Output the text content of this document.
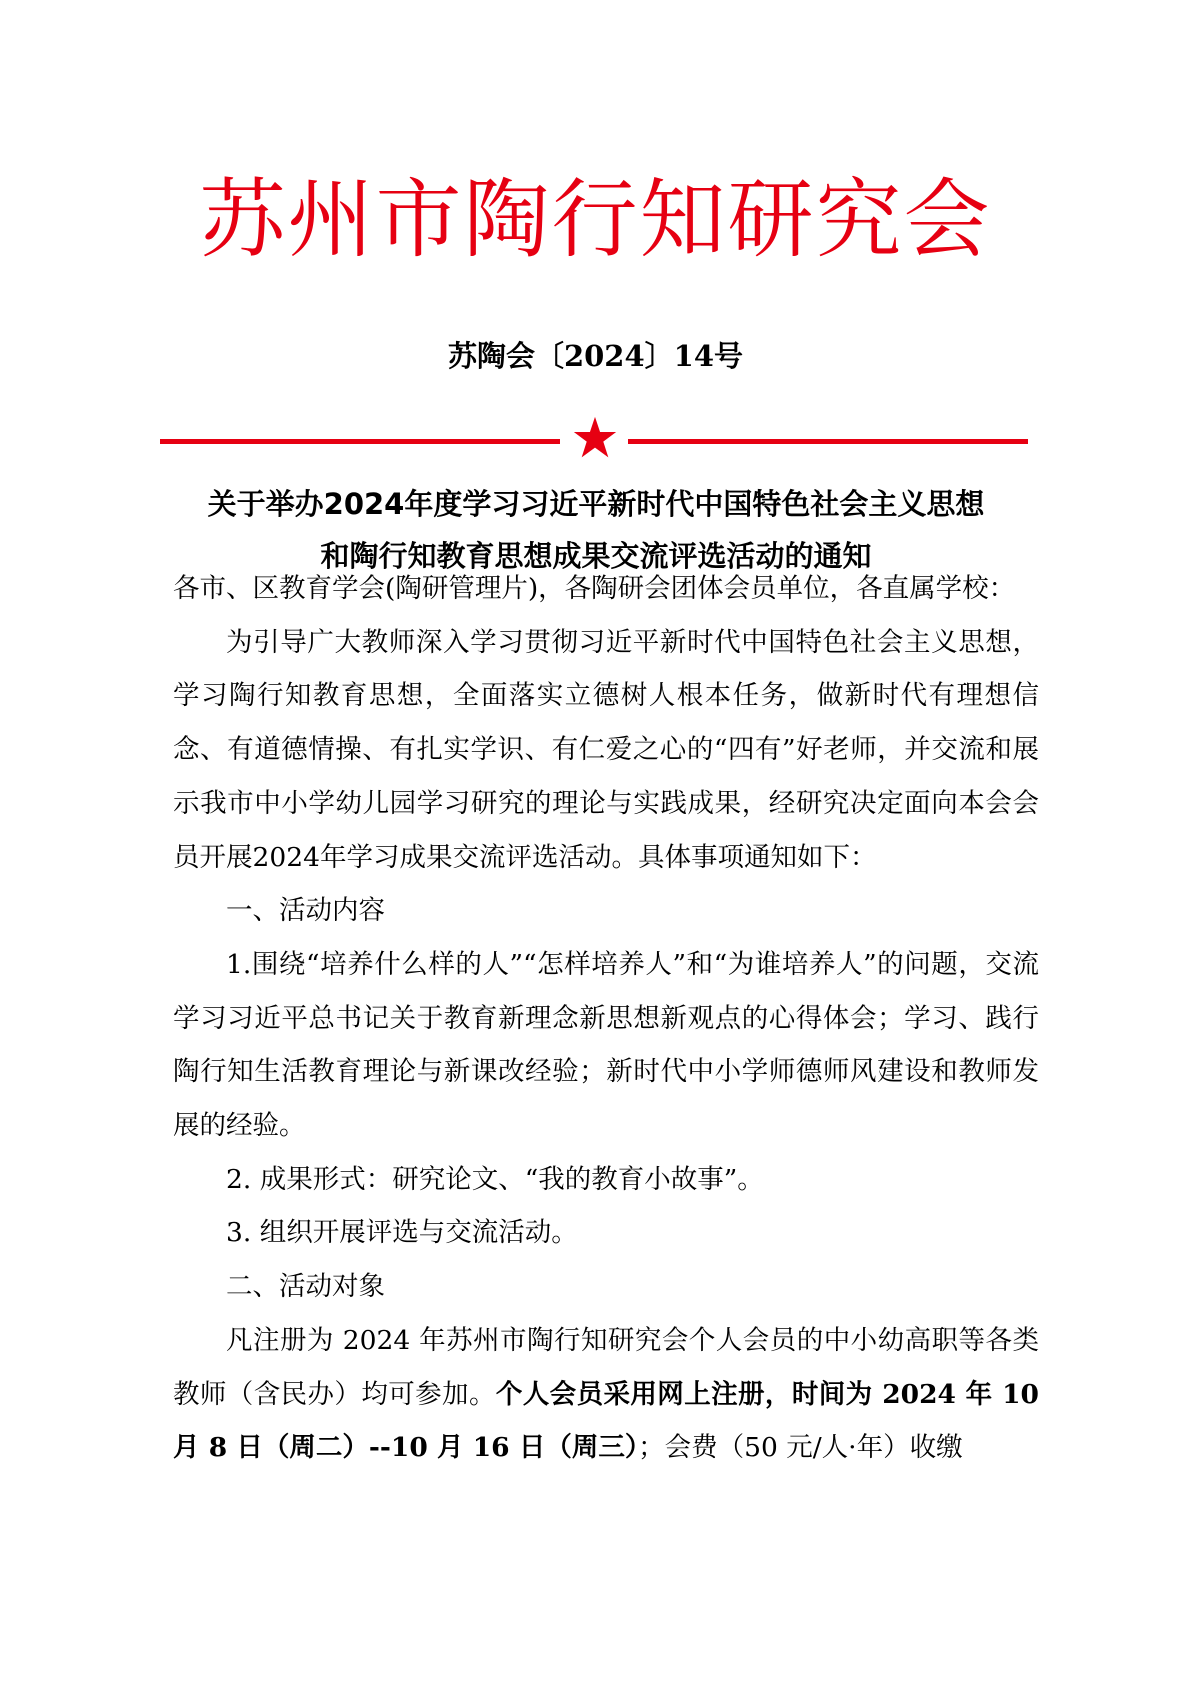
苏州市陶行知研究会
苏陶会〔2024〕14号
关于举办2024年度学习习近平新时代中国特色社会主义思想
和陶行知教育思想成果交流评选活动的通知

各市、区教育学会(陶研管理片)，各陶研会团体会员单位，各直属学校：

为引导广大教师深入学习贯彻习近平新时代中国特色社会主义思想，学习陶行知教育思想，全面落实立德树人根本任务，做新时代有理想信念、有道德情操、有扎实学识、有仁爱之心的“四有”好老师，并交流和展示我市中小学幼儿园学习研究的理论与实践成果，经研究决定面向本会会员开展2024年学习成果交流评选活动。具体事项通知如下：

一、活动内容

1.围绕“培养什么样的人”“怎样培养人”和“为谁培养人”的问题，交流学习习近平总书记关于教育新理念新思想新观点的心得体会；学习、践行陶行知生活教育理论与新课改经验；新时代中小学师德师风建设和教师发展的经验。

2. 成果形式：研究论文、“我的教育小故事”。

3. 组织开展评选与交流活动。

二、活动对象

凡注册为 2024 年苏州市陶行知研究会个人会员的中小幼高职等各类教师（含民办）均可参加。个人会员采用网上注册，时间为 2024 年 10 月 8 日（周二）--10 月 16 日（周三）；会费（50 元/人·年）收缴
